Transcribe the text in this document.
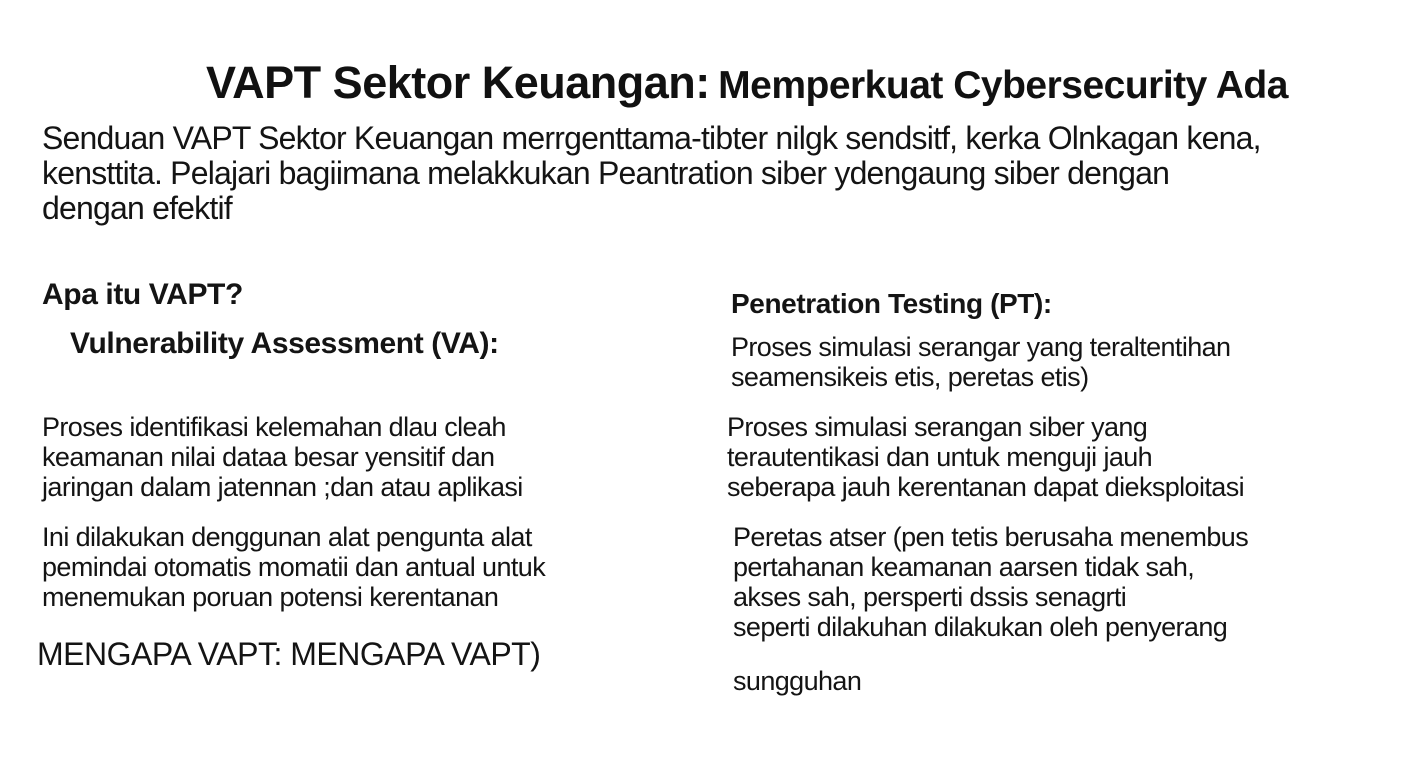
VAPT Sektor Keuangan: Memperkuat Cybersecurity Ada

Senduan VAPT Sektor Keuangan merrgenttama-tibter nilgk sendsitf, kerka Olnkagan kena,
kensttita. Pelajari bagiimana melakkukan Peantration siber ydengaung siber dengan
dengan efektif

Apa itu VAPT?
Vulnerability Assessment (VA):

Proses identifikasi kelemahan dlau cleah
keamanan nilai dataa besar yensitif dan
jaringan dalam jatennan ;dan atau aplikasi

Ini dilakukan denggunan alat pengunta alat
pemindai otomatis momatii dan antual untuk
menemukan poruan potensi kerentanan

MENGAPA VAPT: MENGAPA VAPT)

Penetration Testing (PT):

Proses simulasi serangar yang teraltentihan
seamensikeis etis, peretas etis)

Proses simulasi serangan siber yang
terautentikasi dan untuk menguji jauh
seberapa jauh kerentanan dapat dieksploitasi

Peretas atser (pen tetis berusaha menembus
pertahanan keamanan aarsen tidak sah,
akses sah, persperti dssis senagrti
seperti dilakuhan dilakukan oleh penyerang

sungguhan
